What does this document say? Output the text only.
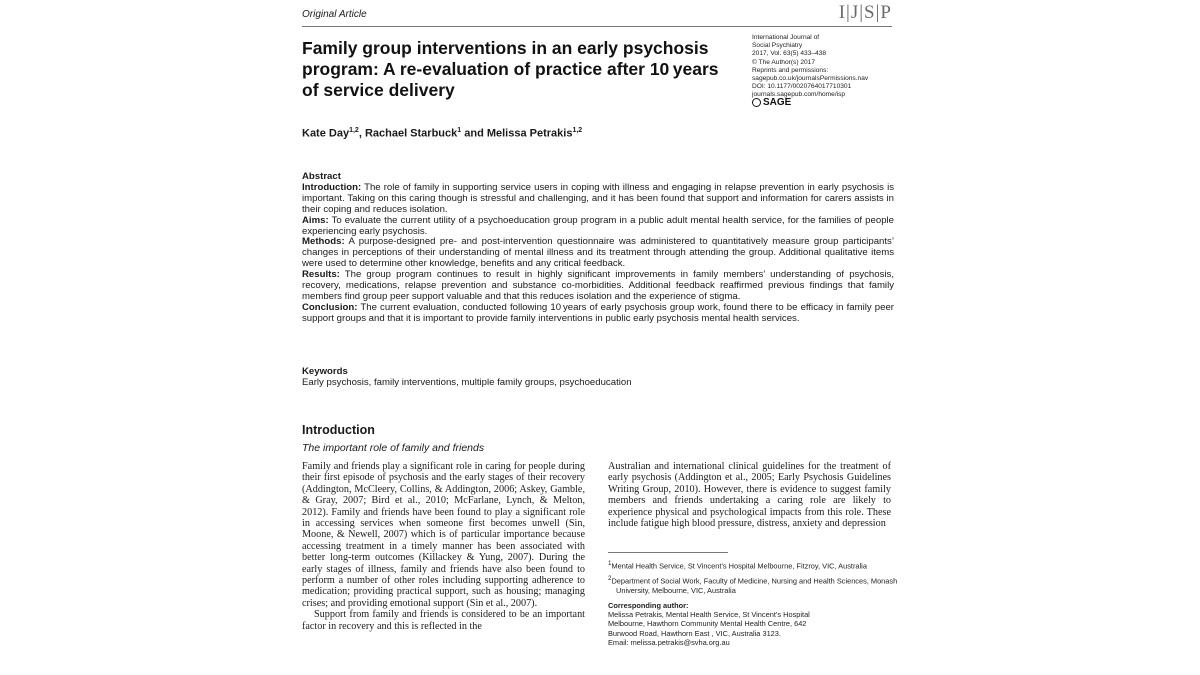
Original Article	I|J|S|P
Family group interventions in an early psychosis program: A re-evaluation of practice after 10 years of service delivery
International Journal of
Social Psychiatry
2017, Vol. 63(5) 433–438
© The Author(s) 2017
Reprints and permissions:
sagepub.co.uk/journalsPermissions.nav
DOI: 10.1177/0020764017710301
journals.sagepub.com/home/isp
SAGE
Kate Day$^{1,2}$, Rachael Starbuck$^1$ and Melissa Petrakis$^{1,2}$
Abstract

Introduction: The role of family in supporting service users in coping with illness and engaging in relapse prevention in early psychosis is important. Taking on this caring though is stressful and challenging, and it has been found that support and information for carers assists in their coping and reduces isolation.

Aims: To evaluate the current utility of a psychoeducation group program in a public adult mental health service, for the families of people experiencing early psychosis.

Methods: A purpose-designed pre- and post-intervention questionnaire was administered to quantitatively measure group participants’ changes in perceptions of their understanding of mental illness and its treatment through attending the group. Additional qualitative items were used to determine other knowledge, benefits and any critical feedback.

Results: The group program continues to result in highly significant improvements in family members’ understanding of psychosis, recovery, medications, relapse prevention and substance co-morbidities. Additional feedback reaffirmed previous findings that family members find group peer support valuable and that this reduces isolation and the experience of stigma.

Conclusion: The current evaluation, conducted following 10 years of early psychosis group work, found there to be efficacy in family peer support groups and that it is important to provide family interventions in public early psychosis mental health services.

Keywords
Early psychosis, family interventions, multiple family groups, psychoeducation
Introduction
The important role of family and friends

Family and friends play a significant role in caring for people during their first episode of psychosis and the early stages of their recovery (Addington, McCleery, Collins, & Addington, 2006; Askey, Gamble, & Gray, 2007; Bird et al., 2010; McFarlane, Lynch, & Melton, 2012). Family and friends have been found to play a significant role in accessing services when someone first becomes unwell (Sin, Moone, & Newell, 2007) which is of particular importance because accessing treatment in a timely manner has been associated with better long-term outcomes (Killackey & Yung, 2007). During the early stages of illness, family and friends have also been found to perform a number of other roles including supporting adherence to medication; providing practical support, such as housing; managing crises; and providing emotional support (Sin et al., 2007).

Support from family and friends is considered to be an important factor in recovery and this is reflected in the

Australian and international clinical guidelines for the treatment of early psychosis (Addington et al., 2005; Early Psychosis Guidelines Writing Group, 2010). However, there is evidence to suggest family members and friends undertaking a caring role are likely to experience physical and psychological impacts from this role. These include fatigue high blood pressure, distress, anxiety and depression

$^1$Mental Health Service, St Vincent’s Hospital Melbourne, Fitzroy, VIC, Australia
$^2$Department of Social Work, Faculty of Medicine, Nursing and Health Sciences, Monash University, Melbourne, VIC, Australia
Corresponding author:
Melissa Petrakis, Mental Health Service, St Vincent’s Hospital
Melbourne, Hawthorn Community Mental Health Centre, 642
Burwood Road, Hawthorn East , VIC, Australia 3123.
Email: melissa.petrakis@svha.org.au
